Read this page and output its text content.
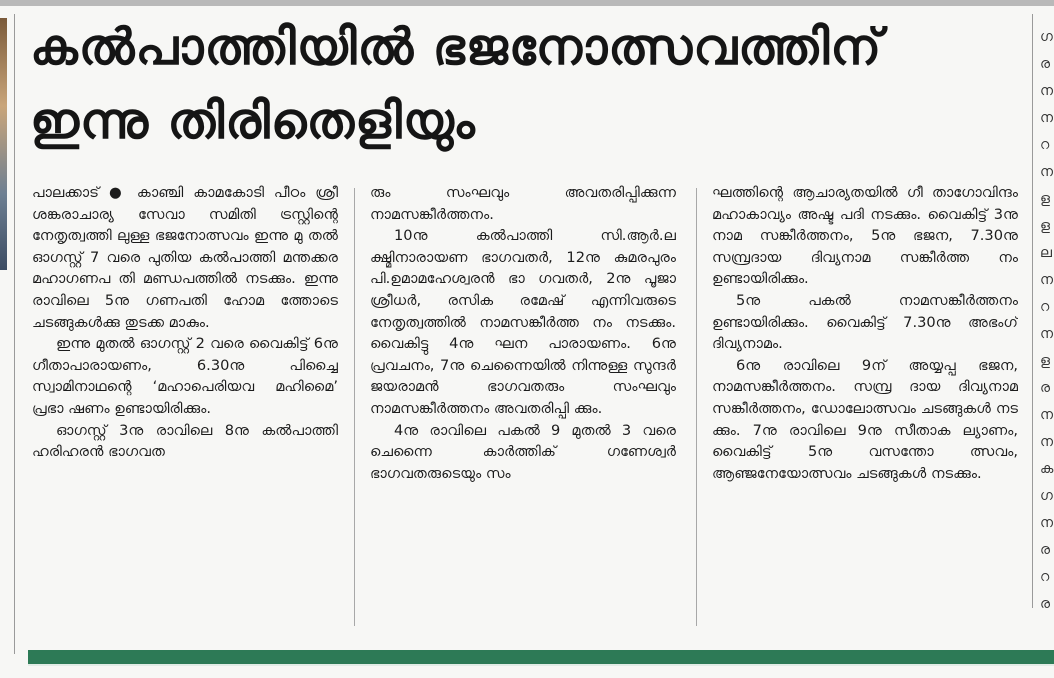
കൽപാത്തിയിൽ ഭജനോത്സവത്തിന്
ഇന്നു തിരിതെളിയും

പാലക്കാട് ● കാഞ്ചി കാമകോടി പീഠം ശ്രീ ശങ്കരാചാര്യ സേവാ സമിതി ട്രസ്റ്റിന്റെ നേതൃത്വത്തി ലുള്ള ഭജനോത്സവം ഇന്നു മു തൽ ഓഗസ്റ്റ് 7 വരെ പുതിയ കൽപാത്തി മന്തക്കര മഹാഗണപ തി മണ്ഡപത്തിൽ നടക്കും. ഇന്നു രാവിലെ 5നു ഗണപതി ഹോമ ത്തോടെ ചടങ്ങുകൾക്കു തുടക്ക മാകും.

ഇന്നു മുതൽ ഓഗസ്റ്റ് 2 വരെ വൈകിട്ട് 6നു ഗീതാപാരായണം, 6.30നു പിച്ചൈ സ്വാമിനാഥന്റെ ‘മഹാപെരിയവ മഹിമൈ’ പ്രഭാ ഷണം ഉണ്ടായിരിക്കും.

ഓഗസ്റ്റ് 3നു രാവിലെ 8നു കൽപാത്തി ഹരിഹരൻ ഭാഗവത

രും സംഘവും അവതരിപ്പിക്കുന്ന നാമസങ്കീർത്തനം.

10നു കൽപാത്തി സി.ആർ.ല ക്ഷ്മിനാരായണ ഭാഗവതർ, 12നു കുമരപുരം പി.ഉമാമഹേശ്വരൻ ഭാ ഗവതർ, 2നു പൂജാ ശ്രീധർ, രസിക രമേഷ് എന്നിവരുടെ നേതൃത്വത്തിൽ നാമസങ്കീർത്ത നം നടക്കും. വൈകിട്ടു 4നു ഘന പാരായണം. 6നു പ്രവചനം, 7നു ചെന്നൈയിൽ നിന്നുള്ള സുന്ദർ ജയരാമൻ ഭാഗവതരും സംഘവും നാമസങ്കീർത്തനം അവതരിപ്പി ക്കും.

4നു രാവിലെ പകൽ 9 മുതൽ 3 വരെ ചെന്നൈ കാർത്തിക് ഗണേശ്വർ ഭാഗവതരുടെയും സം

ഘത്തിന്റെ ആചാര്യതയിൽ ഗീ താഗോവിന്ദം മഹാകാവ്യം അഷ്ട പദി നടക്കും. വൈകിട്ട് 3നു നാമ സങ്കീർത്തനം, 5നു ഭജന, 7.30നു സമ്പ്രദായ ദിവ്യനാമ സങ്കീർത്ത നം ഉണ്ടായിരിക്കും.

5നു പകൽ നാമസങ്കീർത്തനം ഉണ്ടായിരിക്കും. വൈകിട്ട് 7.30നു അഭംഗ് ദിവ്യനാമം.

6നു രാവിലെ 9ന് അയ്യപ്പ ഭജന, നാമസങ്കീർത്തനം. സമ്പ്ര ദായ ദിവ്യനാമ സങ്കീർത്തനം, ഡോലോത്സവം ചടങ്ങുകൾ നട ക്കും. 7നു രാവിലെ 9നു സീതാക ല്യാണം, വൈകിട്ട് 5നു വസന്തോ ത്സവം, ആഞ്ജനേയോത്സവം ചടങ്ങുകൾ നടക്കും.

ഗ
ര
ന
ന
റ
ന
ള
ള
ല
ന
റ
ന
ള
ര
ന
ന
ക
ഗ
ന
ര
റ
ര
